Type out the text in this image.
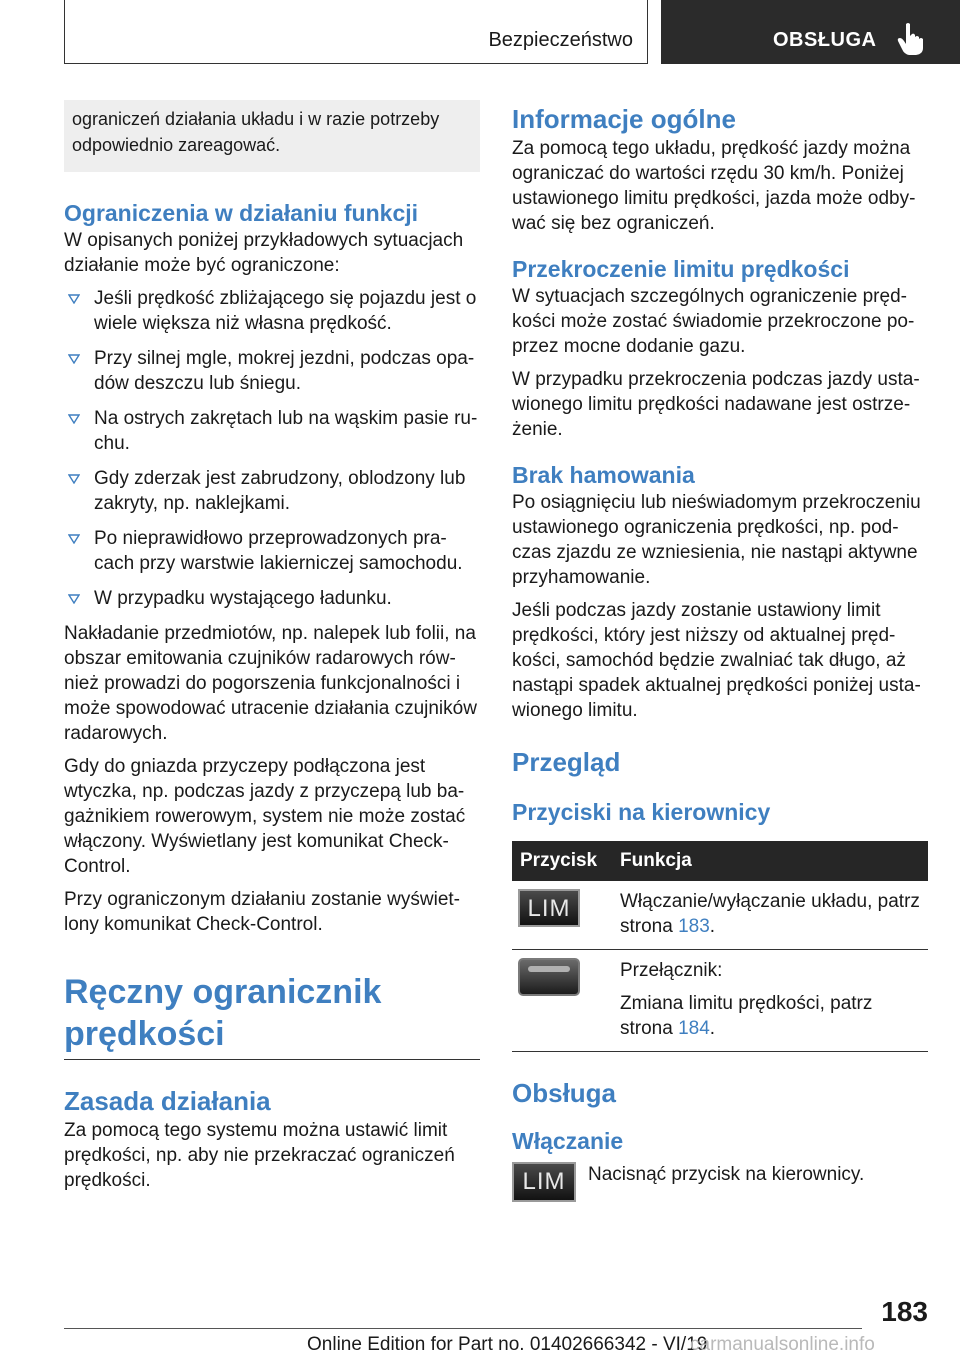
Bezpieczeństwo	OBSŁUGA
ograniczeń działania układu i w razie potrzeby odpowiednio zareagować.
Ograniczenia w działaniu funkcji

W opisanych poniżej przykładowych sytuacjach działanie może być ograniczone:

Jeśli prędkość zbliżającego się pojazdu jest o wiele większa niż własna prędkość.
Przy silnej mgle, mokrej jezdni, podczas opadów deszczu lub śniegu.
Na ostrych zakrętach lub na wąskim pasie ruchu.
Gdy zderzak jest zabrudzony, oblodzony lub zakryty, np. naklejkami.
Po nieprawidłowo przeprowadzonych pracach przy warstwie lakierniczej samochodu.
W przypadku wystającego ładunku.

Nakładanie przedmiotów, np. nalepek lub folii, na obszar emitowania czujników radarowych również prowadzi do pogorszenia funkcjonalności i może spowodować utracenie działania czujników radarowych.

Gdy do gniazda przyczepy podłączona jest wtyczka, np. podczas jazdy z przyczepą lub bagażnikiem rowerowym, system nie może zostać włączony. Wyświetlany jest komunikat Check-Control.

Przy ograniczonym działaniu zostanie wyświetlony komunikat Check-Control.

Ręczny ogranicznik
prędkości
Zasada działania

Za pomocą tego systemu można ustawić limit prędkości, np. aby nie przekraczać ograniczeń prędkości.

Informacje ogólne

Za pomocą tego układu, prędkość jazdy można ograniczać do wartości rzędu 30 km/h. Poniżej ustawionego limitu prędkości, jazda może odbywać się bez ograniczeń.

Przekroczenie limitu prędkości

W sytuacjach szczególnych ograniczenie prędkości może zostać świadomie przekroczone poprzez mocne dodanie gazu.

W przypadku przekroczenia podczas jazdy ustawionego limitu prędkości nadawane jest ostrzeżenie.

Brak hamowania

Po osiągnięciu lub nieświadomym przekroczeniu ustawionego ograniczenia prędkości, np. podczas zjazdu ze wzniesienia, nie nastąpi aktywne przyhamowanie.

Jeśli podczas jazdy zostanie ustawiony limit prędkości, który jest niższy od aktualnej prędkości, samochód będzie zwalniać tak długo, aż nastąpi spadek aktualnej prędkości poniżej ustawionego limitu.

Przegląd
Przyciski na kierownicy
Przycisk	Funkcja

LIM	Włączanie/wyłączanie układu, patrz strona 183.

	Przełącznik:
Zmiana limitu prędkości, patrz strona 184.
Obsługa
Włączanie
LIM	Nacisnąć przycisk na kierownicy.

183
Online Edition for Part no. 01402666342 - VI/19
carmanualsonline.info
